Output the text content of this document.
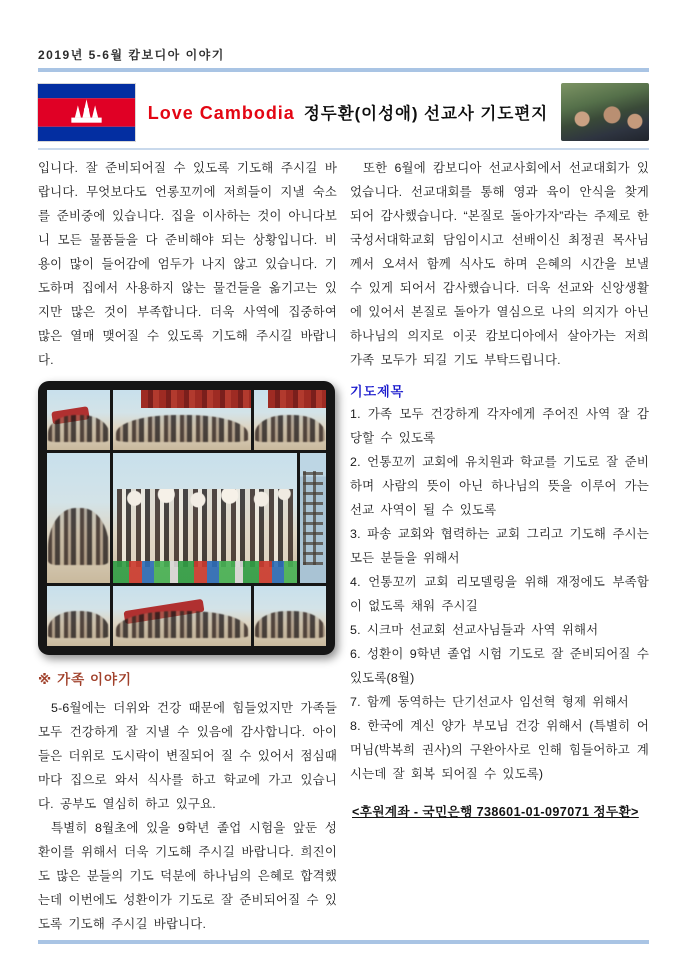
2019년 5-6월 캄보디아 이야기
Love Cambodia 정두환(이성애) 선교사 기도편지

입니다. 잘 준비되어질 수 있도록 기도해 주시길 바랍니다. 무엇보다도 언롱꼬끼에 저희들이 지낼 숙소를 준비중에 있습니다. 집을 이사하는 것이 아니다보니 모든 물품들을 다 준비해야 되는 상황입니다. 비용이 많이 들어감에 엄두가 나지 않고 있습니다. 기도하며 집에서 사용하지 않는 물건들을 옮기고는 있지만 많은 것이 부족합니다. 더욱 사역에 집중하여 많은 열매 맺어질 수 있도록 기도해 주시길 바랍니다.

※ 가족 이야기

5-6월에는 더위와 건강 때문에 힘들었지만 가족들 모두 건강하게 잘 지낼 수 있음에 감사합니다. 아이들은 더위로 도시락이 변질되어 질 수 있어서 점심때 마다 집으로 와서 식사를 하고 학교에 가고 있습니다. 공부도 열심히 하고 있구요.

특별히 8월초에 있을 9학년 졸업 시험을 앞둔 성환이를 위해서 더욱 기도해 주시길 바랍니다. 희진이도 많은 분들의 기도 덕분에 하나님의 은혜로 합격했는데 이번에도 성환이가 기도로 잘 준비되어질 수 있도록 기도해 주시길 바랍니다.

또한 6월에 캄보디아 선교사회에서 선교대회가 있었습니다. 선교대회를 통해 영과 육이 안식을 찾게 되어 감사했습니다. “본질로 돌아가자”라는 주제로 한국성서대학교회 담임이시고 선배이신 최정권 목사님께서 오셔서 함께 식사도 하며 은혜의 시간을 보낼 수 있게 되어서 감사했습니다. 더욱 선교와 신앙생활에 있어서 본질로 돌아가 열심으로 나의 의지가 아닌 하나님의 의지로 이곳 캄보디아에서 살아가는 저희 가족 모두가 되길 기도 부탁드립니다.

기도제목

1. 가족 모두 건강하게 각자에게 주어진 사역 잘 감당할 수 있도록

2. 언통꼬끼 교회에 유치원과 학교를 기도로 잘 준비하며 사람의 뜻이 아닌 하나님의 뜻을 이루어 가는 선교 사역이 될 수 있도록

3. 파송 교회와 협력하는 교회 그리고 기도해 주시는 모든 분들을 위해서

4. 언통꼬끼 교회 리모델링을 위해 재정에도 부족함이 없도록 채워 주시길

5. 시크마 선교회 선교사님들과 사역 위해서

6. 성환이 9학년 졸업 시험 기도로 잘 준비되어질 수 있도록(8월)

7. 함께 동역하는 단기선교사 임선혁 형제 위해서

8. 한국에 계신 양가 부모님 건강 위해서 (특별히 어머님(박복희 권사)의 구완아사로 인해 힘들어하고 계시는데 잘 회복 되어질 수 있도록)

<후원계좌 - 국민은행 738601-01-097071 정두환>
